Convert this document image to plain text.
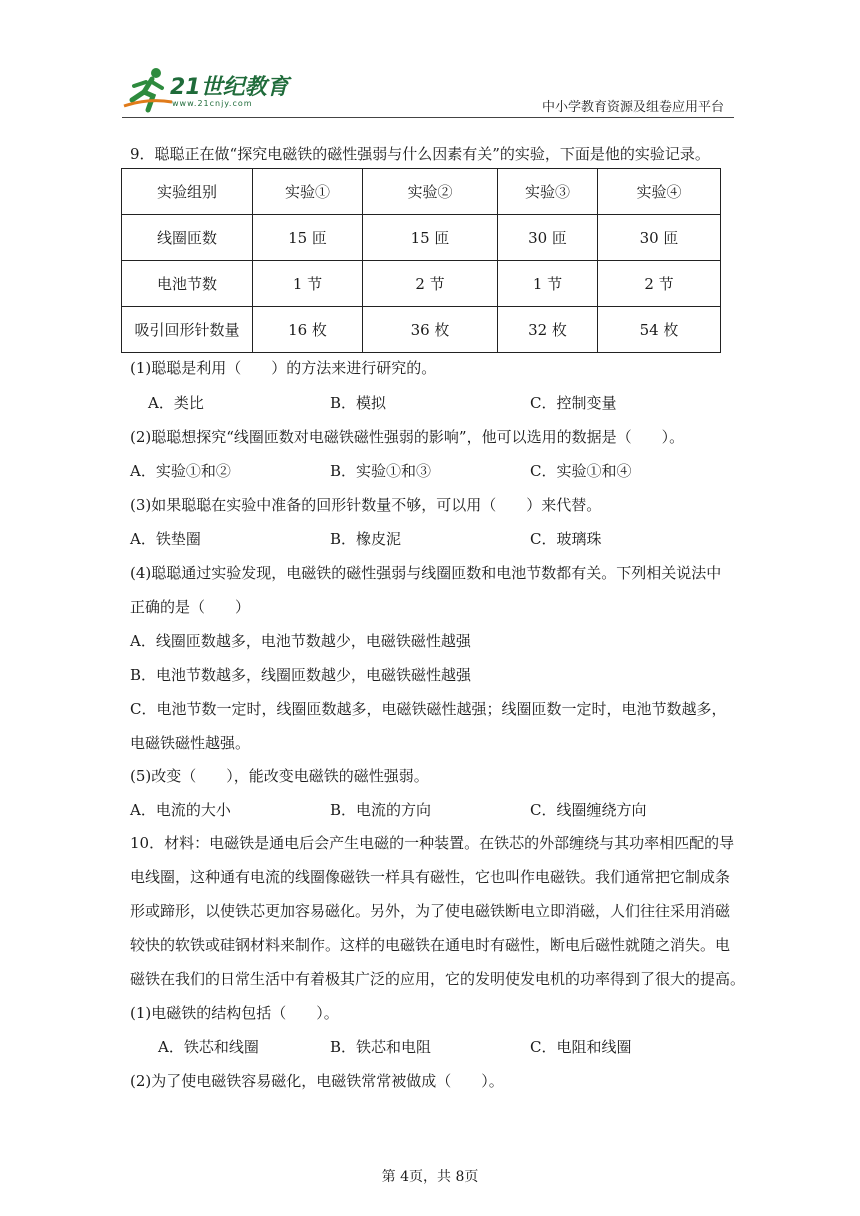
21世纪教育
www.21cnjy.com	中小学教育资源及组卷应用平台
9．聪聪正在做“探究电磁铁的磁性强弱与什么因素有关”的实验，下面是他的实验记录。
实验组别	实验①	实验②	实验③	实验④
线圈匝数	15 匝	15 匝	30 匝	30 匝
电池节数	1 节	2 节	1 节	2 节
吸引回形针数量	16 枚	36 枚	32 枚	54 枚
(1)聪聪是利用（　　）的方法来进行研究的。
A．类比	B．模拟	C．控制变量
(2)聪聪想探究“线圈匝数对电磁铁磁性强弱的影响”，他可以选用的数据是（　　）。
A．实验①和②	B．实验①和③	C．实验①和④
(3)如果聪聪在实验中准备的回形针数量不够，可以用（　　）来代替。
A．铁垫圈	B．橡皮泥	C．玻璃珠
(4)聪聪通过实验发现，电磁铁的磁性强弱与线圈匝数和电池节数都有关。下列相关说法中
正确的是（　　）
A．线圈匝数越多，电池节数越少，电磁铁磁性越强
B．电池节数越多，线圈匝数越少，电磁铁磁性越强
C．电池节数一定时，线圈匝数越多，电磁铁磁性越强；线圈匝数一定时，电池节数越多，
电磁铁磁性越强。
(5)改变（　　），能改变电磁铁的磁性强弱。
A．电流的大小	B．电流的方向	C．线圈缠绕方向
10．材料：电磁铁是通电后会产生电磁的一种装置。在铁芯的外部缠绕与其功率相匹配的导
电线圈，这种通有电流的线圈像磁铁一样具有磁性，它也叫作电磁铁。我们通常把它制成条
形或蹄形，以使铁芯更加容易磁化。另外，为了使电磁铁断电立即消磁，人们往往采用消磁
较快的软铁或硅钢材料来制作。这样的电磁铁在通电时有磁性，断电后磁性就随之消失。电
磁铁在我们的日常生活中有着极其广泛的应用，它的发明使发电机的功率得到了很大的提高。
(1)电磁铁的结构包括（　　）。
A．铁芯和线圈	B．铁芯和电阻	C．电阻和线圈
(2)为了使电磁铁容易磁化，电磁铁常常被做成（　　）。
第 4页，共 8页
